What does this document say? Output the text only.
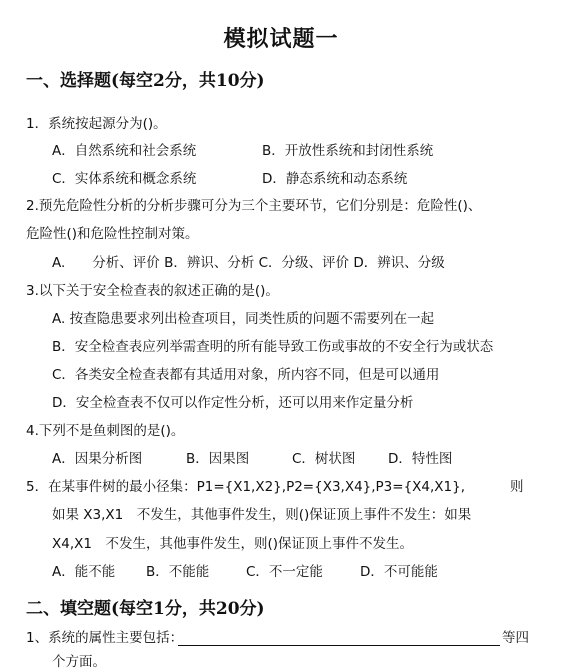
模拟试题一
一、选择题(每空2分，共10分)
1．系统按起源分为()。
A．自然系统和社会系统	B．开放性系统和封闭性系统
C．实体系统和概念系统	D．静态系统和动态系统
2.预先危险性分析的分析步骤可分为三个主要环节，它们分别是：危险性()、
危险性()和危险性控制对策。
A.　　分析、评价 B．辨识、分析 C．分级、评价 D．辨识、分级
3.以下关于安全检查表的叙述正确的是()。
A. 按查隐患要求列出检查项目，同类性质的问题不需要列在一起
B．安全检查表应列举需查明的所有能导致工伤或事故的不安全行为或状态
C．各类安全检查表都有其适用对象，所内容不同，但是可以通用
D．安全检查表不仅可以作定性分析，还可以用来作定量分析
4.下列不是鱼刺图的是()。
A．因果分析图	B．因果图	C．树状图 D．特性图
5．在某事件树的最小径集：P1={X1,X2},P2={X3,X4},P3={X4,X1},	则
如果 X3,X1　不发生，其他事件发生，则()保证顶上事件不发生：如果
X4,X1　不发生，其他事件发生，则()保证顶上事件不发生。
A．能不能 B．不能能	C．不一定能	D．不可能能
二、填空题(每空1分，共20分)
1、系统的属性主要包括：	等四
个方面。
